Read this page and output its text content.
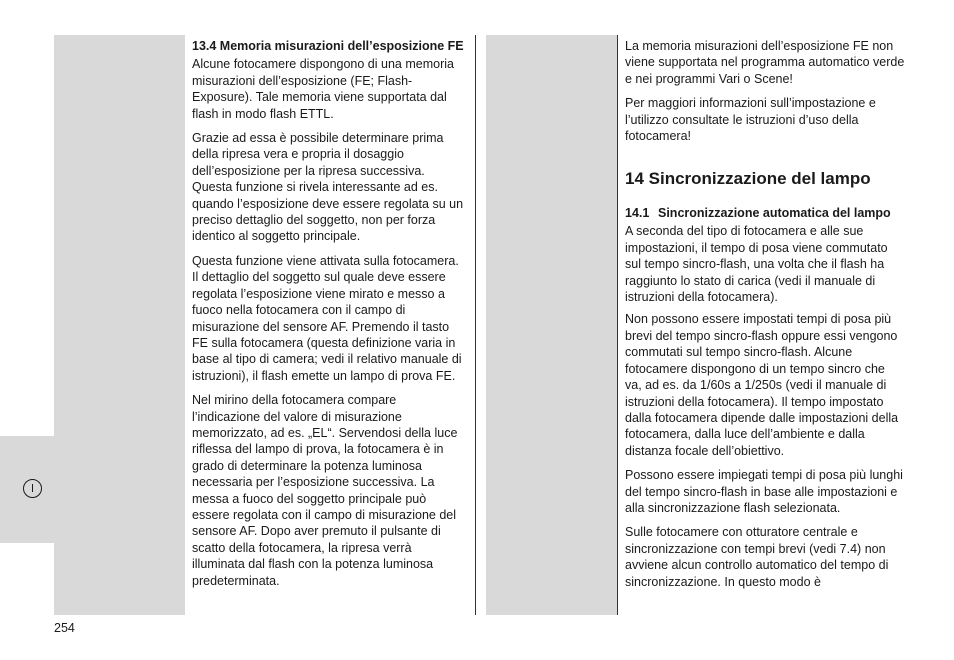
13.4 Memoria misurazioni dell’esposizione FE

Alcune fotocamere dispongono di una memoria misurazioni dell’esposizione (FE; Flash-Exposure). Tale memoria viene supportata dal flash in modo flash ETTL.

Grazie ad essa è possibile determinare prima della ripresa vera e propria il dosaggio dell’esposizione per la ripresa successiva. Questa funzione si rivela interessante ad es. quando l’esposizione deve essere regolata su un preciso dettaglio del soggetto, non per forza identico al soggetto principale.

Questa funzione viene attivata sulla fotocamera. Il dettaglio del soggetto sul quale deve essere regolata l’esposizione viene mirato e messo a fuoco nella fotocamera con il campo di misurazione del sensore AF. Premendo il tasto FE sulla fotocamera (questa definizione varia in base al tipo di camera; vedi il relativo manuale di istruzioni), il flash emette un lampo di prova FE.

Nel mirino della fotocamera compare l’indicazione del valore di misurazione memorizzato, ad es. „EL“. Servendosi della luce riflessa del lampo di prova, la fotocamera è in grado di determinare la potenza luminosa necessaria per l’esposizione successiva. La messa a fuoco del soggetto principale può essere regolata con il campo di misurazione del sensore AF. Dopo aver premuto il pulsante di scatto della fotocamera, la ripresa verrà illuminata dal flash con la potenza luminosa predeterminata.

La memoria misurazioni dell’esposizione FE non viene supportata nel programma automatico verde e nei programmi Vari o Scene!

Per maggiori informazioni sull’impostazione e l’utilizzo consultate le istruzioni d’uso della fotocamera!

14 Sincronizzazione del lampo
14.1 Sincronizzazione automatica del lampo

A seconda del tipo di fotocamera e alle sue impostazioni, il tempo di posa viene commutato sul tempo sincro-flash, una volta che il flash ha raggiunto lo stato di carica (vedi il manuale di istruzioni della fotocamera).

Non possono essere impostati tempi di posa più brevi del tempo sincro-flash oppure essi vengono commutati sul tempo sincro-flash. Alcune fotocamere dispongono di un tempo sincro che va, ad es. da 1/60s a 1/250s (vedi il manuale di istruzioni della fotocamera). Il tempo impostato dalla fotocamera dipende dalle impostazioni della fotocamera, dalla luce dell’ambiente e dalla distanza focale dell’obiettivo.

Possono essere impiegati tempi di posa più lunghi del tempo sincro-flash in base alle impostazioni e alla sincronizzazione flash selezionata.

Sulle fotocamere con otturatore centrale e sincronizzazione con tempi brevi (vedi 7.4) non avviene alcun controllo automatico del tempo di sincronizzazione. In questo modo è

254
